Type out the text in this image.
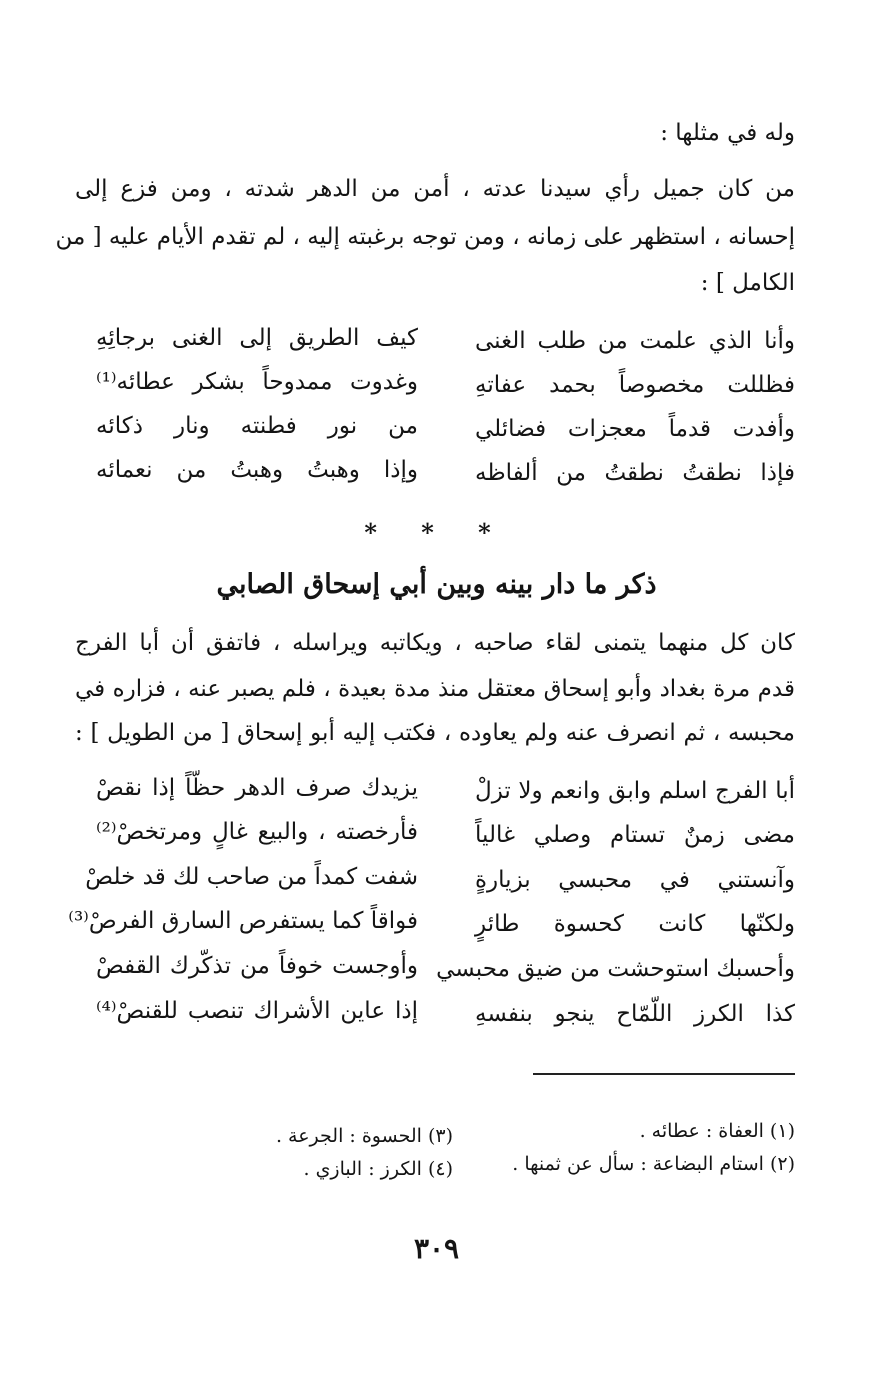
وله في مثلها :
من كان جميل رأي سيدنا عدته ، أمن من الدهر شدته ، ومن فزع إلى
إحسانه ، استظهر على زمانه ، ومن توجه برغبته إليه ، لم تقدم الأيام عليه [ من
الكامل ] :
وأنا الذي علمت من طلب الغنى
كيف الطريق إلى الغنى برجائِهِ
فظللت مخصوصاً بحمد عفاتهِ
وغدوت ممدوحاً بشكر عطائه⁽¹⁾
وأفدت قدماً معجزات فضائلي
من نور فطنته ونار ذكائه
فإذا نطقتُ نطقتُ من ألفاظه
وإذا وهبتُ وهبتُ من نعمائه
* * *
ذكر ما دار بينه وبين أبي إسحاق الصابي
كان كل منهما يتمنى لقاء صاحبه ، ويكاتبه ويراسله ، فاتفق أن أبا الفرج
قدم مرة بغداد وأبو إسحاق معتقل منذ مدة بعيدة ، فلم يصبر عنه ، فزاره في
محبسه ، ثم انصرف عنه ولم يعاوده ، فكتب إليه أبو إسحاق [ من الطويل ] :
أبا الفرج اسلم وابق وانعم ولا تزلْ
يزيدك صرف الدهر حظّاً إذا نقصْ
مضى زمنٌ تستام وصلي غالياً
فأرخصته ، والبيع غالٍ ومرتخصْ⁽²⁾
وآنستني في محبسي بزيارةٍ
شفت كمداً من صاحب لك قد خلصْ
ولكنّها كانت كحسوة طائرٍ
فواقاً كما يستفرص السارق الفرصْ⁽³⁾
وأحسبك استوحشت من ضيق محبسي
وأوجست خوفاً من تذكّرك القفصْ
كذا الكرز اللّمّاح ينجو بنفسهِ
إذا عاين الأشراك تنصب للقنصْ⁽⁴⁾
(١) العفاة : عطائه .
(٢) استام البضاعة : سأل عن ثمنها .
(٣) الحسوة : الجرعة .
(٤) الكرز : البازي .
٣٠٩
